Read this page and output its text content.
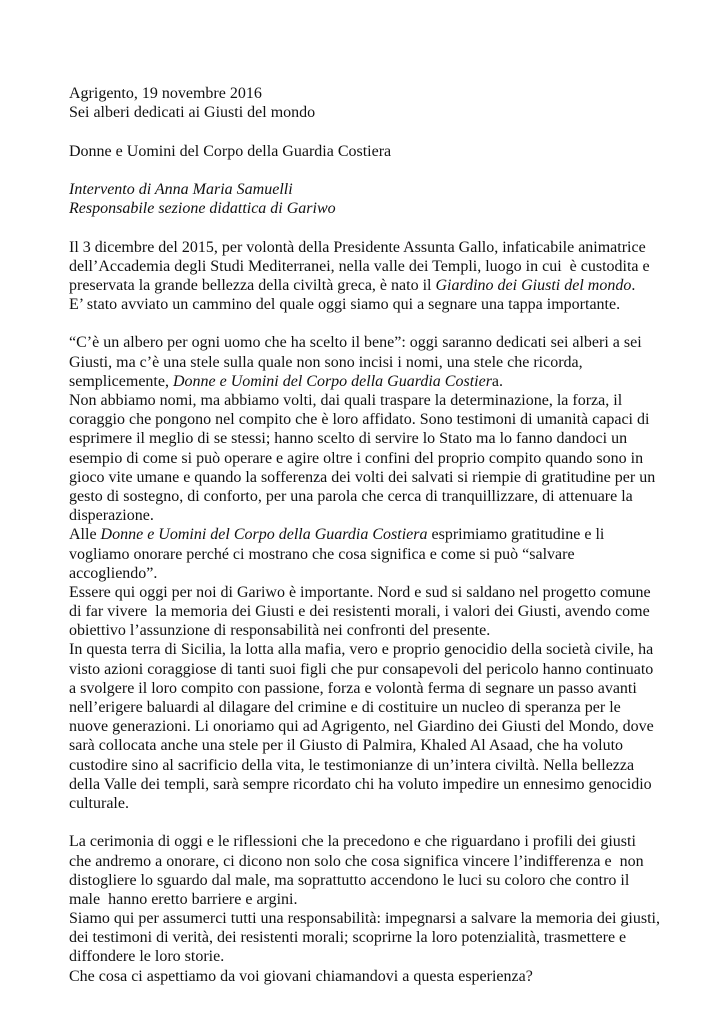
Agrigento, 19 novembre 2016
Sei alberi dedicati ai Giusti del mondo
Donne e Uomini del Corpo della Guardia Costiera
Intervento di Anna Maria Samuelli
Responsabile sezione didattica di Gariwo
Il 3 dicembre del 2015, per volontà della Presidente Assunta Gallo, infaticabile animatrice
dell’Accademia degli Studi Mediterranei, nella valle dei Templi, luogo in cui  è custodita e
preservata la grande bellezza della civiltà greca, è nato il Giardino dei Giusti del mondo.
E’ stato avviato un cammino del quale oggi siamo qui a segnare una tappa importante.
“C’è un albero per ogni uomo che ha scelto il bene”: oggi saranno dedicati sei alberi a sei
Giusti, ma c’è una stele sulla quale non sono incisi i nomi, una stele che ricorda,
semplicemente, Donne e Uomini del Corpo della Guardia Costiera.
Non abbiamo nomi, ma abbiamo volti, dai quali traspare la determinazione, la forza, il
coraggio che pongono nel compito che è loro affidato. Sono testimoni di umanità capaci di
esprimere il meglio di se stessi; hanno scelto di servire lo Stato ma lo fanno dandoci un
esempio di come si può operare e agire oltre i confini del proprio compito quando sono in
gioco vite umane e quando la sofferenza dei volti dei salvati si riempie di gratitudine per un
gesto di sostegno, di conforto, per una parola che cerca di tranquillizzare, di attenuare la
disperazione.
Alle Donne e Uomini del Corpo della Guardia Costiera esprimiamo gratitudine e li
vogliamo onorare perché ci mostrano che cosa significa e come si può “salvare
accogliendo”.
Essere qui oggi per noi di Gariwo è importante. Nord e sud si saldano nel progetto comune
di far vivere  la memoria dei Giusti e dei resistenti morali, i valori dei Giusti, avendo come
obiettivo l’assunzione di responsabilità nei confronti del presente.
In questa terra di Sicilia, la lotta alla mafia, vero e proprio genocidio della società civile, ha
visto azioni coraggiose di tanti suoi figli che pur consapevoli del pericolo hanno continuato
a svolgere il loro compito con passione, forza e volontà ferma di segnare un passo avanti
nell’erigere baluardi al dilagare del crimine e di costituire un nucleo di speranza per le
nuove generazioni. Li onoriamo qui ad Agrigento, nel Giardino dei Giusti del Mondo, dove
sarà collocata anche una stele per il Giusto di Palmira, Khaled Al Asaad, che ha voluto
custodire sino al sacrificio della vita, le testimonianze di un’intera civiltà. Nella bellezza
della Valle dei templi, sarà sempre ricordato chi ha voluto impedire un ennesimo genocidio
culturale.
La cerimonia di oggi e le riflessioni che la precedono e che riguardano i profili dei giusti
che andremo a onorare, ci dicono non solo che cosa significa vincere l’indifferenza e  non
distogliere lo sguardo dal male, ma soprattutto accendono le luci su coloro che contro il
male  hanno eretto barriere e argini.
Siamo qui per assumerci tutti una responsabilità: impegnarsi a salvare la memoria dei giusti,
dei testimoni di verità, dei resistenti morali; scoprirne la loro potenzialità, trasmettere e
diffondere le loro storie.
Che cosa ci aspettiamo da voi giovani chiamandovi a questa esperienza?
